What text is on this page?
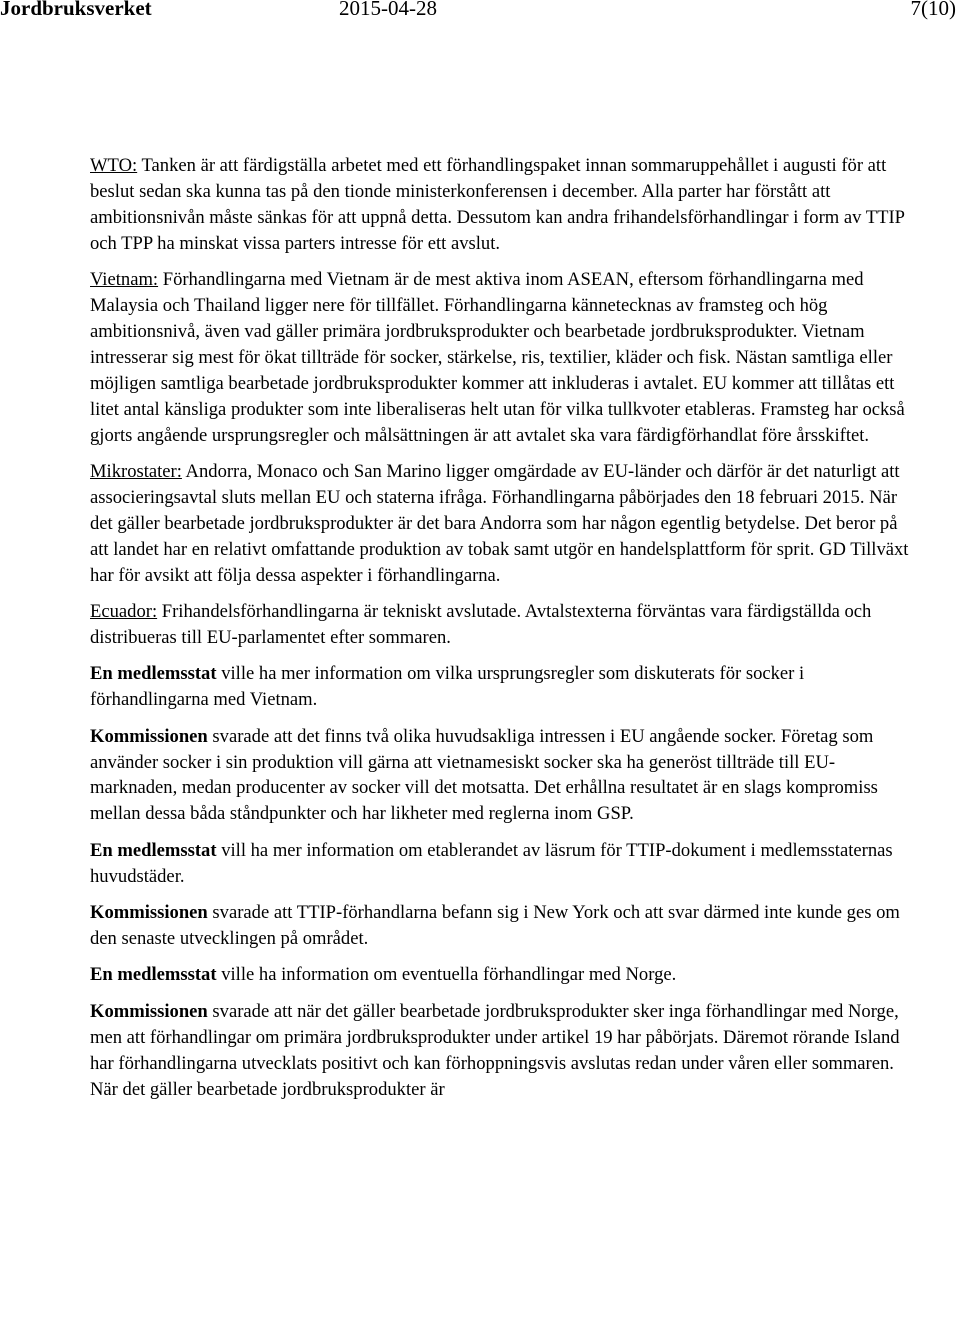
Jordbruksverket	2015-04-28	7(10)

WTO: Tanken är att färdigställa arbetet med ett förhandlingspaket innan sommaruppehållet i augusti för att beslut sedan ska kunna tas på den tionde ministerkonferensen i december. Alla parter har förstått att ambitionsnivån måste sänkas för att uppnå detta. Dessutom kan andra frihandelsförhandlingar i form av TTIP och TPP ha minskat vissa parters intresse för ett avslut.

Vietnam: Förhandlingarna med Vietnam är de mest aktiva inom ASEAN, eftersom förhandlingarna med Malaysia och Thailand ligger nere för tillfället. Förhandlingarna kännetecknas av framsteg och hög ambitionsnivå, även vad gäller primära jordbruksprodukter och bearbetade jordbruksprodukter. Vietnam intresserar sig mest för ökat tillträde för socker, stärkelse, ris, textilier, kläder och fisk. Nästan samtliga eller möjligen samtliga bearbetade jordbruksprodukter kommer att inkluderas i avtalet. EU kommer att tillåtas ett litet antal känsliga produkter som inte liberaliseras helt utan för vilka tullkvoter etableras. Framsteg har också gjorts angående ursprungsregler och målsättningen är att avtalet ska vara färdigförhandlat före årsskiftet.

Mikrostater: Andorra, Monaco och San Marino ligger omgärdade av EU-länder och därför är det naturligt att associeringsavtal sluts mellan EU och staterna ifråga. Förhandlingarna påbörjades den 18 februari 2015. När det gäller bearbetade jordbruksprodukter är det bara Andorra som har någon egentlig betydelse. Det beror på att landet har en relativt omfattande produktion av tobak samt utgör en handelsplattform för sprit. GD Tillväxt har för avsikt att följa dessa aspekter i förhandlingarna.

Ecuador: Frihandelsförhandlingarna är tekniskt avslutade. Avtalstexterna förväntas vara färdigställda och distribueras till EU-parlamentet efter sommaren.

En medlemsstat ville ha mer information om vilka ursprungsregler som diskuterats för socker i förhandlingarna med Vietnam.

Kommissionen svarade att det finns två olika huvudsakliga intressen i EU angående socker. Företag som använder socker i sin produktion vill gärna att vietnamesiskt socker ska ha generöst tillträde till EU-marknaden, medan producenter av socker vill det motsatta. Det erhållna resultatet är en slags kompromiss mellan dessa båda ståndpunkter och har likheter med reglerna inom GSP.

En medlemsstat vill ha mer information om etablerandet av läsrum för TTIP-dokument i medlemsstaternas huvudstäder.

Kommissionen svarade att TTIP-förhandlarna befann sig i New York och att svar därmed inte kunde ges om den senaste utvecklingen på området.

En medlemsstat ville ha information om eventuella förhandlingar med Norge.

Kommissionen svarade att när det gäller bearbetade jordbruksprodukter sker inga förhandlingar med Norge, men att förhandlingar om primära jordbruksprodukter under artikel 19 har påbörjats. Däremot rörande Island har förhandlingarna utvecklats positivt och kan förhoppningsvis avslutas redan under våren eller sommaren. När det gäller bearbetade jordbruksprodukter är
